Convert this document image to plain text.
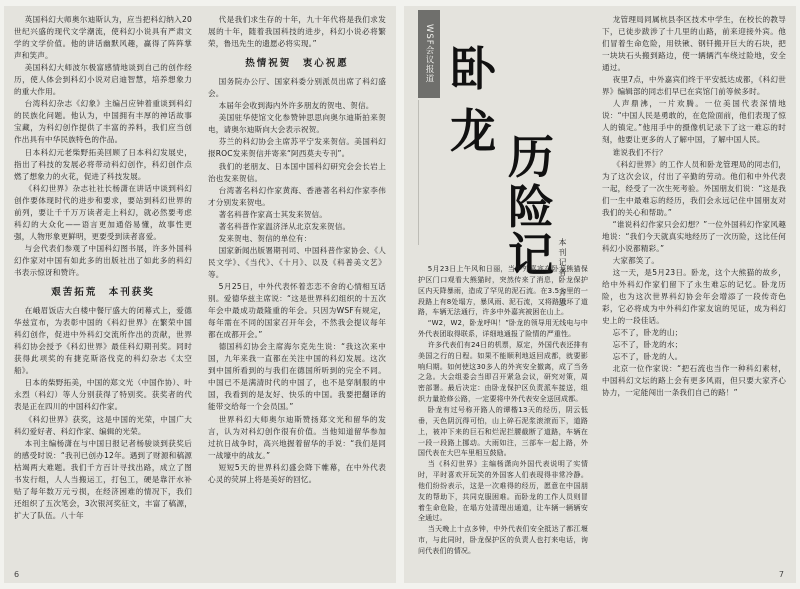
英国科幻大师奥尔迪斯认为，应当把科幻纳入20世纪兴盛的现代文学潮流，使科幻小说具有严肃文学的文学价值。他的讲话幽默风趣，赢得了阵阵掌声和笑声。

美国科幻大师波尔极富感情地谈到自己的创作经历，使人体会到科幻小说对启迪智慧，培养想象力的重大作用。

台湾科幻杂志《幻象》主编吕应钟着重谈到科幻的民族化问题。他认为，中国拥有丰厚的神话故事宝藏，为科幻创作提供了丰富的养料，我们应当创作出具有中华民族特色的作品。

日本科幻元老柴野拓美回顾了日本科幻发展史，指出了科技的发展必将带动科幻创作，科幻创作点燃了想象力的火花，促进了科技发展。

《科幻世界》杂志社社长杨潇在讲话中谈到科幻创作要体现时代的进步和要求，要站到科幻世界的前列，要让千千万万读者走上科幻，就必然要考虑科幻的大众化——语言更加通俗易懂，故事性更强，人物形象更鲜明，更要受到读者喜爱。

与会代表们参观了中国科幻图书展，许多外国科幻作家对中国有如此多的出版社出了如此多的科幻书表示惊讶和赞许。

艰苦拓荒　本刊获奖

在峨眉饭店大白楼中餐厅盛大的闭幕式上，爱德华兹宣布，为表彰中国的《科幻世界》在繁荣中国科幻创作，促进中外科幻交流所作出的贡献，世界科幻协会授予《科幻世界》最佳科幻期刊奖。同时获得此项奖的有捷克斯洛伐克的科幻杂志《太空船》。

日本的柴野拓美，中国的郑文光（中国作协）、叶永烈（科幻）等人分别获得了特别奖。获奖者的代表是正在四川的中国科幻作家。

《科幻世界》获奖，这是中国的光荣，中国广大科幻爱好者、科幻作家、编辑的光荣。

本刊主编杨潇在与中国日报记者杨骏谈到获奖后的感受时说：“我刊已创办12年。遇到了财源和稿源枯竭两大难题。我们千方百计寻找出路，成立了图书发行组，人人当搬运工，打包工，硬是靠汗水补贴了每年数万元亏损，在经济困难的情况下，我们还组织了五次笔会，3次银河奖征文，丰富了稿源，扩大了队伍。八十年

代是我们求生存的十年，九十年代将是我们求发展的十年，随着我国科技的进步，科幻小说必将繁荣，鲁迅先生的遗愿必将实现。”

热情祝贺　衷心祝愿

国务院办公厅、国家科委分别派员出席了科幻盛会。

本届年会收到海内外许多朋友的贺电、贺信。

美国驻华使馆文化参赞钟思思向奥尔迪斯拍来贺电，请奥尔迪斯向大会表示祝贺。

芬兰的科幻协会主席苏平宁发来贺信。美国科幻报ROC发来贺信并寄来“阿西莫夫专刊”。

我们的老朋友、日本国中国科幻研究会会长岩上治也发来贺信。

台湾著名科幻作家黄海、香港著名科幻作家李伟才分别发来贺电。

著名科普作家高士其发来贺信。

著名科普作家温济泽从北京发来贺信。

发来贺电、贺信的单位有：

国家新闻出版署期刊司、中国科普作家协会、《人民文学》、《当代》、《十月》、以及《科普美文艺》等。

5月25日，中外代表怀着恋恋不舍的心情相互话别。爱德华兹主席说：“这是世界科幻组织的十五次年会中最成功最隆重的年会。只因为WSF有规定，每年需在不同的国家召开年会，不然我会提议每年都在成都开会。”

德国科幻协会主席海尔克先生说：“我这次来中国，九年来我一直都在关注中国的科幻发展。这次到中国所看到的与我们在德国所听到的完全不同。中国已不是满清时代的中国了，也不是穿制服的中国，我看到的是友好、快乐的中国。我要把翻译的能带交给每一个会员国。”

世界科幻大师奥尔迪斯赞扬郑文光和留华的发言，认为对科幻创作很有价值。当他知道留华参加过抗日战争时，高兴地握着留华的手说：“我们是同一战壕中的战友。”

短短5天的世界科幻盛会降下帷幕，在中外代表心灵的荧屏上将是美好的回忆。

6
WSF会议报道 卧
龙 历
险
记 本刊记者　齐思

5月23日上午风和日丽，当中外嘉宾在卧龙熊猫保护区门口观看大熊猫时，突然传来了消息，卧龙保护区内天降暴雨，造成了罕见的泥石流。在3.5公里的一段路上有8处塌方，暴风雨、泥石流，又将路毁坏了道路，车辆无法通行，许多中外嘉宾被困在山上。

“W2，W2，卧龙呼叫！”卧龙的领导用无线电与中外代表团取得联系，详细地通报了险情的严重性。

许多代表们有24日的机票，原定，外国代表还排有美国之行的日程。如果不能顺利地返回成都，就要影响归期。如何使这30多人的外宾安全撤离，成了当务之急。大会组委会当即召开紧急会议，研究对策，周密部署。最后决定：由卧龙保护区负责派车接送，组织力量抢修公路，一定要将中外代表安全送回成都。

卧龙有过号称开路人的谭楷13天的经历，阴云低垂，天色阴沉得可怕，山上碎石泥浆滚滚而下，道路上，被冲下来的巨石和烂泥拦腰截断了道路，车辆在一段一段路上挪动。大雨如注，三部车一起上路，外国代表在大巴车里相互鼓励。

当《科幻世界》主编杨潇向外国代表说明了实情时，平时喜欢开玩笑的外国客人们表现得非常冷静。他们纷纷表示，这是一次难得的经历，愿意在中国朋友的帮助下，共同克服困难。而卧龙的工作人员则冒着生命危险，在塌方处清理出通道，让车辆一辆辆安全通过。

当天晚上十点多钟，中外代表们安全抵达了都江堰市，与此同时，卧龙保护区的负责人也打来电话，询问代表们的情况。

龙管理局同属杭县李区技术中学生，在校长的教导下，已徒步跋涉了十几里的山路，前来迎接外宾。他们冒着生命危险，用铁锹、钢钎搬开巨大的石块，把一块块石头搬到路边，使一辆辆汽车绕过险地，安全通过。

夜里7点，中外嘉宾们终于平安抵达成都，《科幻世界》编辑部的同志们早已在宾馆门前等候多时。

人声鼎沸，一片欢腾。一位美国代表深情地说：“中国人民是勇敢的，在危险面前，他们表现了惊人的镇定。”他用手中的摄像机记录下了这一难忘的时刻，他要让更多的人了解中国，了解中国人民。

谁说我们不行？

《科幻世界》的工作人员和卧龙管理局的同志们，为了这次会议，付出了辛勤的劳动。他们和中外代表一起，经受了一次生死考验。外国朋友们说：“这是我们一生中最难忘的经历，我们会永远记住中国朋友对我们的关心和帮助。”

“谁说科幻作家只会幻想？”一位外国科幻作家风趣地说：“我们今天就真实地经历了一次历险，这比任何科幻小说都精彩。”

大家都笑了。

这一天，是5月23日。卧龙，这个大熊猫的故乡，给中外科幻作家们留下了永生难忘的记忆。卧龙历险，也为这次世界科幻协会年会增添了一段传奇色彩，它必将成为中外科幻作家友谊的见证，成为科幻史上的一段佳话。

忘不了，卧龙的山；

忘不了，卧龙的水；

忘不了，卧龙的人。

北京一位作家说：“把石流也当作一种科幻素材，中国科幻文坛的路上会有更多风雨，但只要大家齐心协力，一定能闯出一条我们自己的路！”

7
